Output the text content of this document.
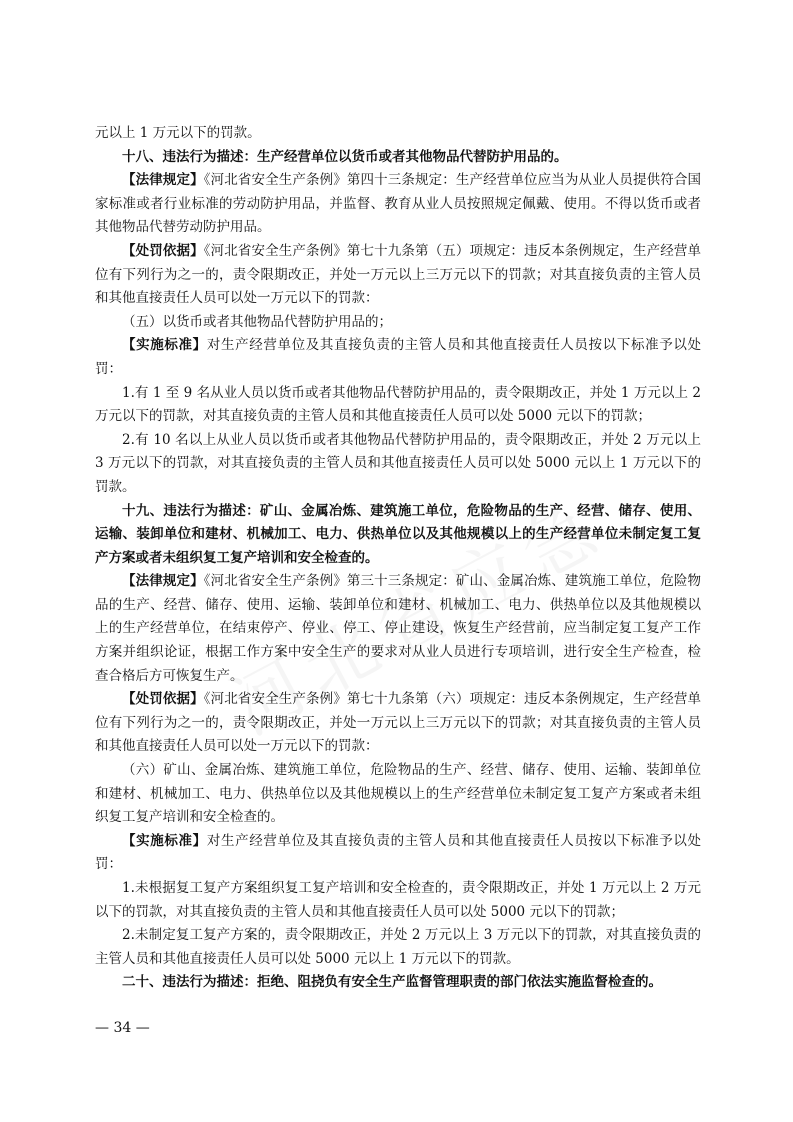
元以上 1 万元以下的罚款。

十八、违法行为描述：生产经营单位以货币或者其他物品代替防护用品的。

【法律规定】《河北省安全生产条例》第四十三条规定：生产经营单位应当为从业人员提供符合国家标准或者行业标准的劳动防护用品，并监督、教育从业人员按照规定佩戴、使用。不得以货币或者其他物品代替劳动防护用品。

【处罚依据】《河北省安全生产条例》第七十九条第（五）项规定：违反本条例规定，生产经营单位有下列行为之一的，责令限期改正，并处一万元以上三万元以下的罚款；对其直接负责的主管人员和其他直接责任人员可以处一万元以下的罚款：

（五）以货币或者其他物品代替防护用品的；

【实施标准】对生产经营单位及其直接负责的主管人员和其他直接责任人员按以下标准予以处罚：

1.有 1 至 9 名从业人员以货币或者其他物品代替防护用品的，责令限期改正，并处 1 万元以上 2 万元以下的罚款，对其直接负责的主管人员和其他直接责任人员可以处 5000 元以下的罚款；

2.有 10 名以上从业人员以货币或者其他物品代替防护用品的，责令限期改正，并处 2 万元以上 3 万元以下的罚款，对其直接负责的主管人员和其他直接责任人员可以处 5000 元以上 1 万元以下的罚款。

十九、违法行为描述：矿山、金属冶炼、建筑施工单位，危险物品的生产、经营、储存、使用、运输、装卸单位和建材、机械加工、电力、供热单位以及其他规模以上的生产经营单位未制定复工复产方案或者未组织复工复产培训和安全检查的。

【法律规定】《河北省安全生产条例》第三十三条规定：矿山、金属冶炼、建筑施工单位，危险物品的生产、经营、储存、使用、运输、装卸单位和建材、机械加工、电力、供热单位以及其他规模以上的生产经营单位，在结束停产、停业、停工、停止建设，恢复生产经营前，应当制定复工复产工作方案并组织论证，根据工作方案中安全生产的要求对从业人员进行专项培训，进行安全生产检查，检查合格后方可恢复生产。

【处罚依据】《河北省安全生产条例》第七十九条第（六）项规定：违反本条例规定，生产经营单位有下列行为之一的，责令限期改正，并处一万元以上三万元以下的罚款；对其直接负责的主管人员和其他直接责任人员可以处一万元以下的罚款：

（六）矿山、金属冶炼、建筑施工单位，危险物品的生产、经营、储存、使用、运输、装卸单位和建材、机械加工、电力、供热单位以及其他规模以上的生产经营单位未制定复工复产方案或者未组织复工复产培训和安全检查的。

【实施标准】对生产经营单位及其直接负责的主管人员和其他直接责任人员按以下标准予以处罚：

1.未根据复工复产方案组织复工复产培训和安全检查的，责令限期改正，并处 1 万元以上 2 万元以下的罚款，对其直接负责的主管人员和其他直接责任人员可以处 5000 元以下的罚款；

2.未制定复工复产方案的，责令限期改正，并处 2 万元以上 3 万元以下的罚款，对其直接负责的主管人员和其他直接责任人员可以处 5000 元以上 1 万元以下的罚款。

二十、违法行为描述：拒绝、阻挠负有安全生产监督管理职责的部门依法实施监督检查的。

— 34 —
